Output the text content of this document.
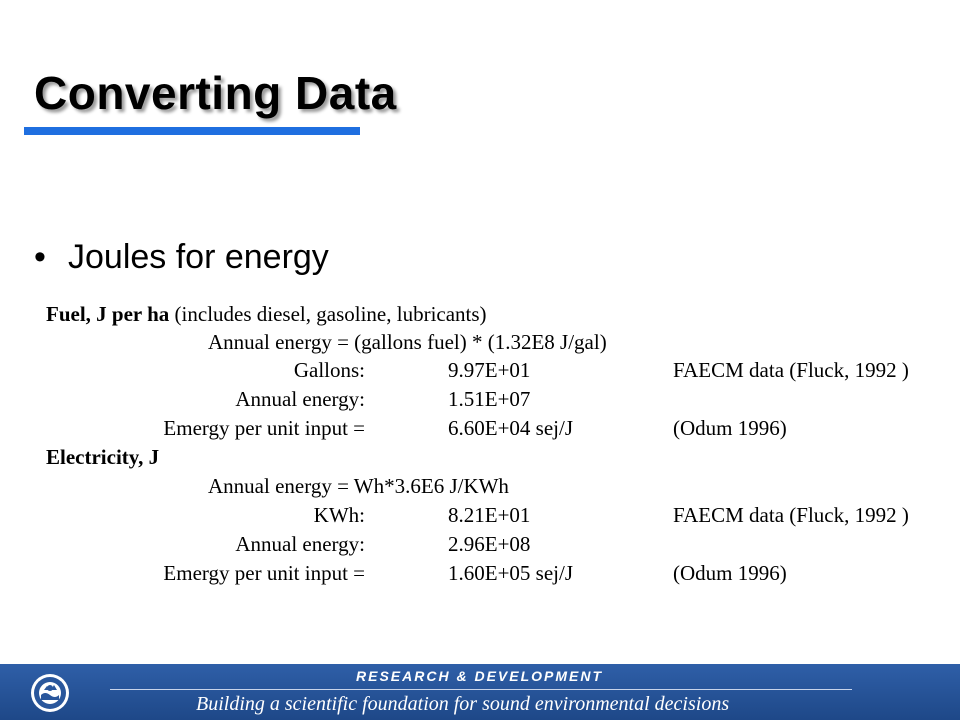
Converting Data
• Joules for energy
Fuel, J per ha (includes diesel, gasoline, lubricants)
Annual energy = (gallons fuel) * (1.32E8 J/gal)
Gallons:	9.97E+01	FAECM data (Fluck, 1992 )
Annual energy:	1.51E+07
Emergy per unit input =	6.60E+04 sej/J	(Odum 1996)
Electricity, J
Annual energy = Wh*3.6E6 J/KWh
KWh:	8.21E+01	FAECM data (Fluck, 1992 )
Annual energy:	2.96E+08
Emergy per unit input =	1.60E+05 sej/J	(Odum 1996)
RESEARCH & DEVELOPMENT
Building a scientific foundation for sound environmental decisions
